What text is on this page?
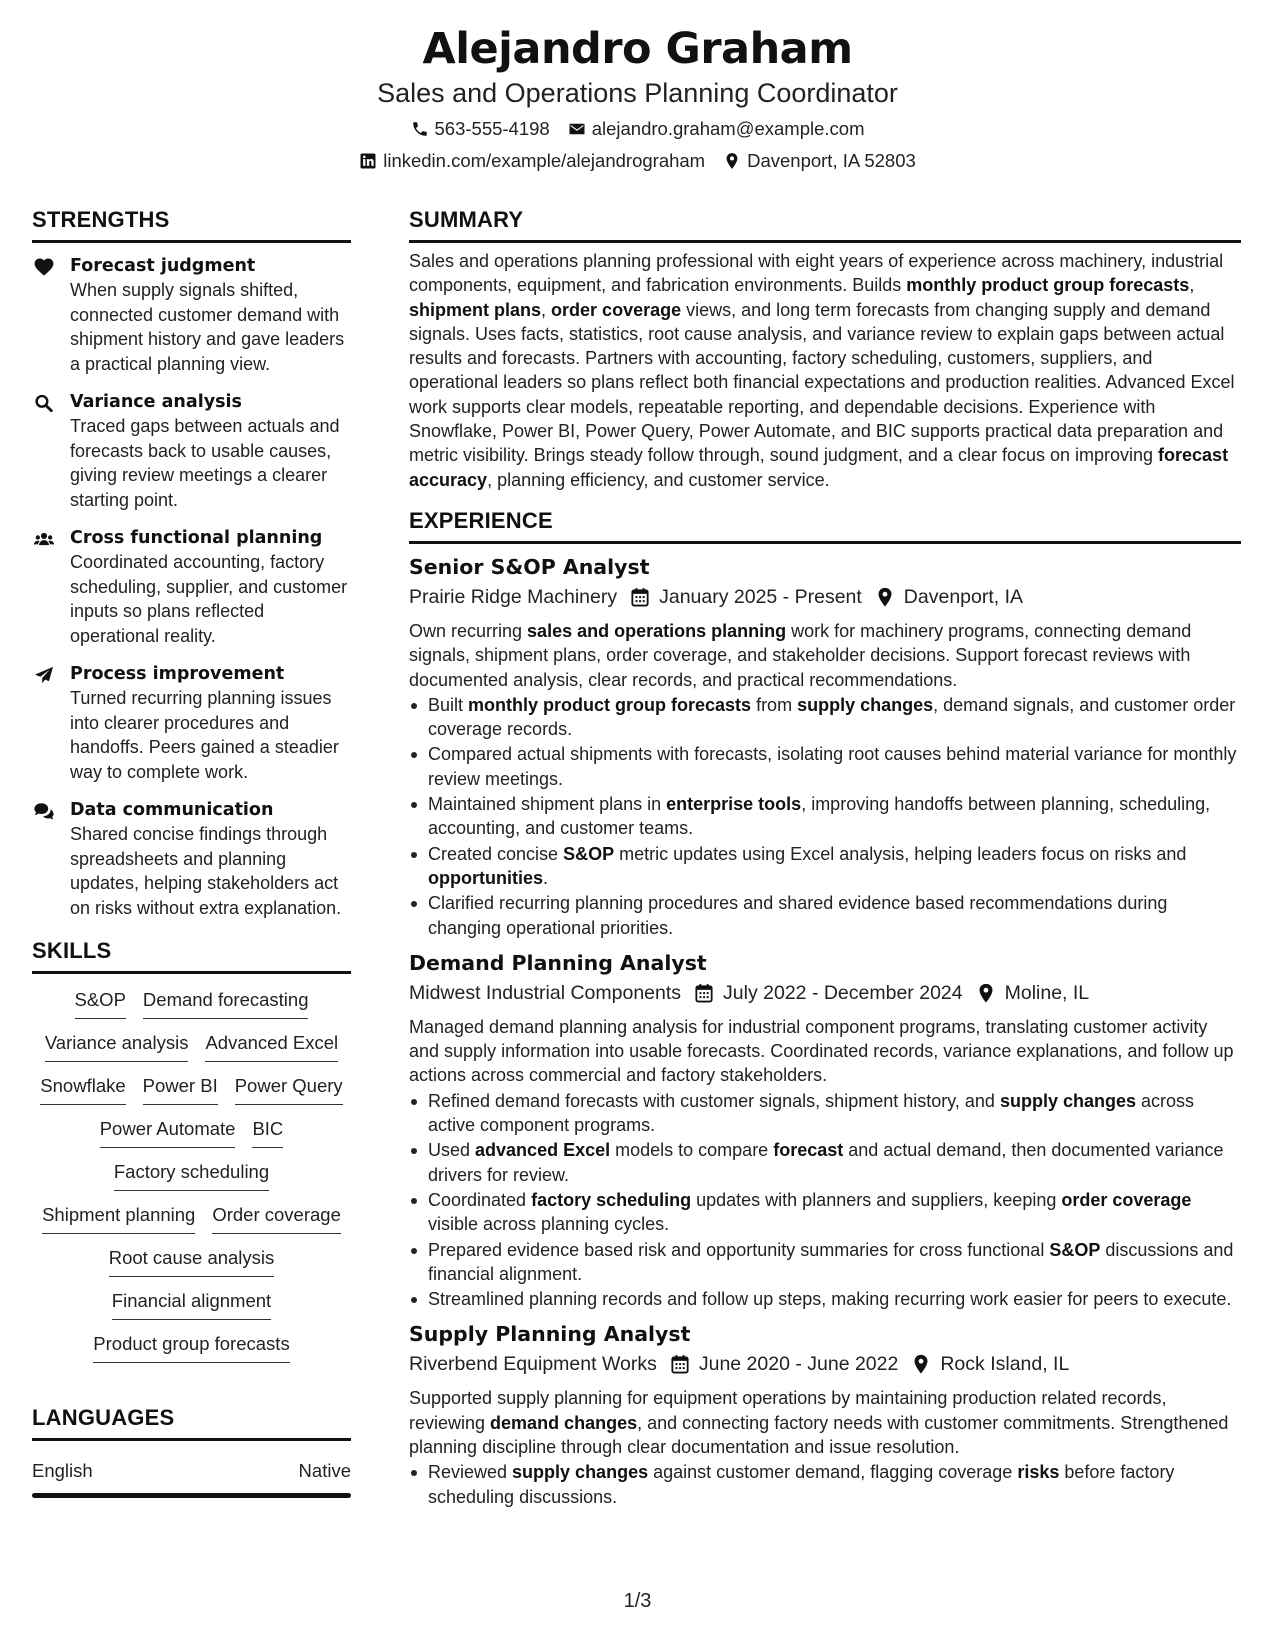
Alejandro Graham
Sales and Operations Planning Coordinator
563-555-4198 alejandro.graham@example.com
linkedin.com/example/alejandrograham Davenport, IA 52803
STRENGTHS
Forecast judgment
When supply signals shifted, connected customer demand with shipment history and gave leaders a practical planning view.
Variance analysis
Traced gaps between actuals and forecasts back to usable causes, giving review meetings a clearer starting point.
Cross functional planning
Coordinated accounting, factory scheduling, supplier, and customer inputs so plans reflected operational reality.
Process improvement
Turned recurring planning issues into clearer procedures and handoffs. Peers gained a steadier way to complete work.
Data communication
Shared concise findings through spreadsheets and planning updates, helping stakeholders act on risks without extra explanation.
SKILLS
S&OP Demand forecasting
Variance analysis Advanced Excel
Snowflake Power BI Power Query
Power Automate BIC
Factory scheduling
Shipment planning Order coverage
Root cause analysis
Financial alignment
Product group forecasts
LANGUAGES
English	Native
SUMMARY

Sales and operations planning professional with eight years of experience across machinery, industrial components, equipment, and fabrication environments. Builds monthly product group forecasts, shipment plans, order coverage views, and long term forecasts from changing supply and demand signals. Uses facts, statistics, root cause analysis, and variance review to explain gaps between actual results and forecasts. Partners with accounting, factory scheduling, customers, suppliers, and operational leaders so plans reflect both financial expectations and production realities. Advanced Excel work supports clear models, repeatable reporting, and dependable decisions. Experience with Snowflake, Power BI, Power Query, Power Automate, and BIC supports practical data preparation and metric visibility. Brings steady follow through, sound judgment, and a clear focus on improving forecast accuracy, planning efficiency, and customer service.

EXPERIENCE
Senior S&OP Analyst
Prairie Ridge Machinery January 2025 - Present Davenport, IA

Own recurring sales and operations planning work for machinery programs, connecting demand signals, shipment plans, order coverage, and stakeholder decisions. Support forecast reviews with documented analysis, clear records, and practical recommendations.

Built monthly product group forecasts from supply changes, demand signals, and customer order coverage records.
Compared actual shipments with forecasts, isolating root causes behind material variance for monthly review meetings.
Maintained shipment plans in enterprise tools, improving handoffs between planning, scheduling, accounting, and customer teams.
Created concise S&OP metric updates using Excel analysis, helping leaders focus on risks and opportunities.
Clarified recurring planning procedures and shared evidence based recommendations during changing operational priorities.
Demand Planning Analyst
Midwest Industrial Components July 2022 - December 2024 Moline, IL

Managed demand planning analysis for industrial component programs, translating customer activity and supply information into usable forecasts. Coordinated records, variance explanations, and follow up actions across commercial and factory stakeholders.

Refined demand forecasts with customer signals, shipment history, and supply changes across active component programs.
Used advanced Excel models to compare forecast and actual demand, then documented variance drivers for review.
Coordinated factory scheduling updates with planners and suppliers, keeping order coverage visible across planning cycles.
Prepared evidence based risk and opportunity summaries for cross functional S&OP discussions and financial alignment.
Streamlined planning records and follow up steps, making recurring work easier for peers to execute.
Supply Planning Analyst
Riverbend Equipment Works June 2020 - June 2022 Rock Island, IL

Supported supply planning for equipment operations by maintaining production related records, reviewing demand changes, and connecting factory needs with customer commitments. Strengthened planning discipline through clear documentation and issue resolution.

Reviewed supply changes against customer demand, flagging coverage risks before factory scheduling discussions.
1/3
